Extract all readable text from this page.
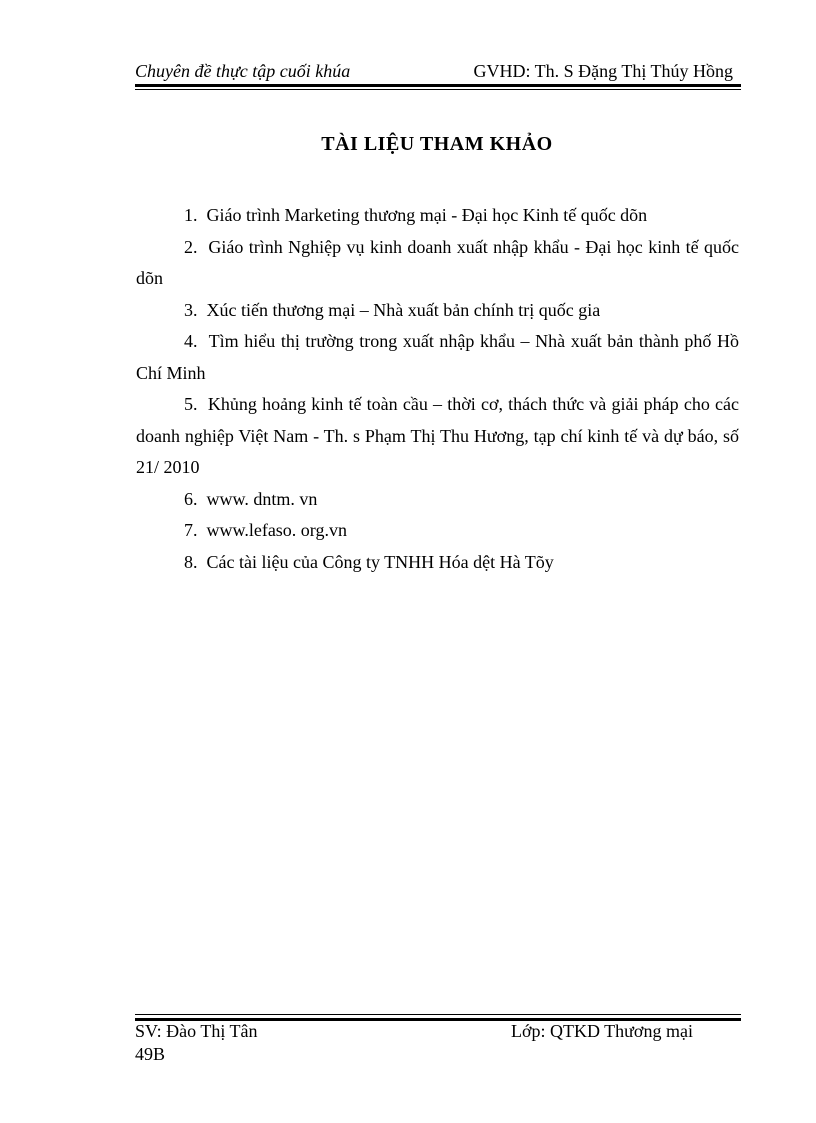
Chuyên đề thực tập cuối khúa	GVHD: Th. S Đặng Thị Thúy Hồng
TÀI LIỆU THAM KHẢO
1. Giáo trình Marketing thương mại - Đại học Kinh tế quốc dõn
2. Giáo trình Nghiệp vụ kinh doanh xuất nhập khẩu - Đại học kinh tế quốc dõn
3. Xúc tiến thương mại – Nhà xuất bản chính trị quốc gia
4. Tìm hiểu thị trường trong xuất nhập khẩu – Nhà xuất bản thành phố Hồ Chí Minh
5. Khủng hoảng kinh tế toàn cầu – thời cơ, thách thức và giải pháp cho các doanh nghiệp Việt Nam - Th. s Phạm Thị Thu Hương, tạp chí kinh tế và dự báo, số 21/ 2010
6. www. dntm. vn
7. www.lefaso. org.vn
8. Các tài liệu của Công ty TNHH Hóa dệt Hà Tõy
SV: Đào Thị Tân
49B
Lớp: QTKD Thương mại
